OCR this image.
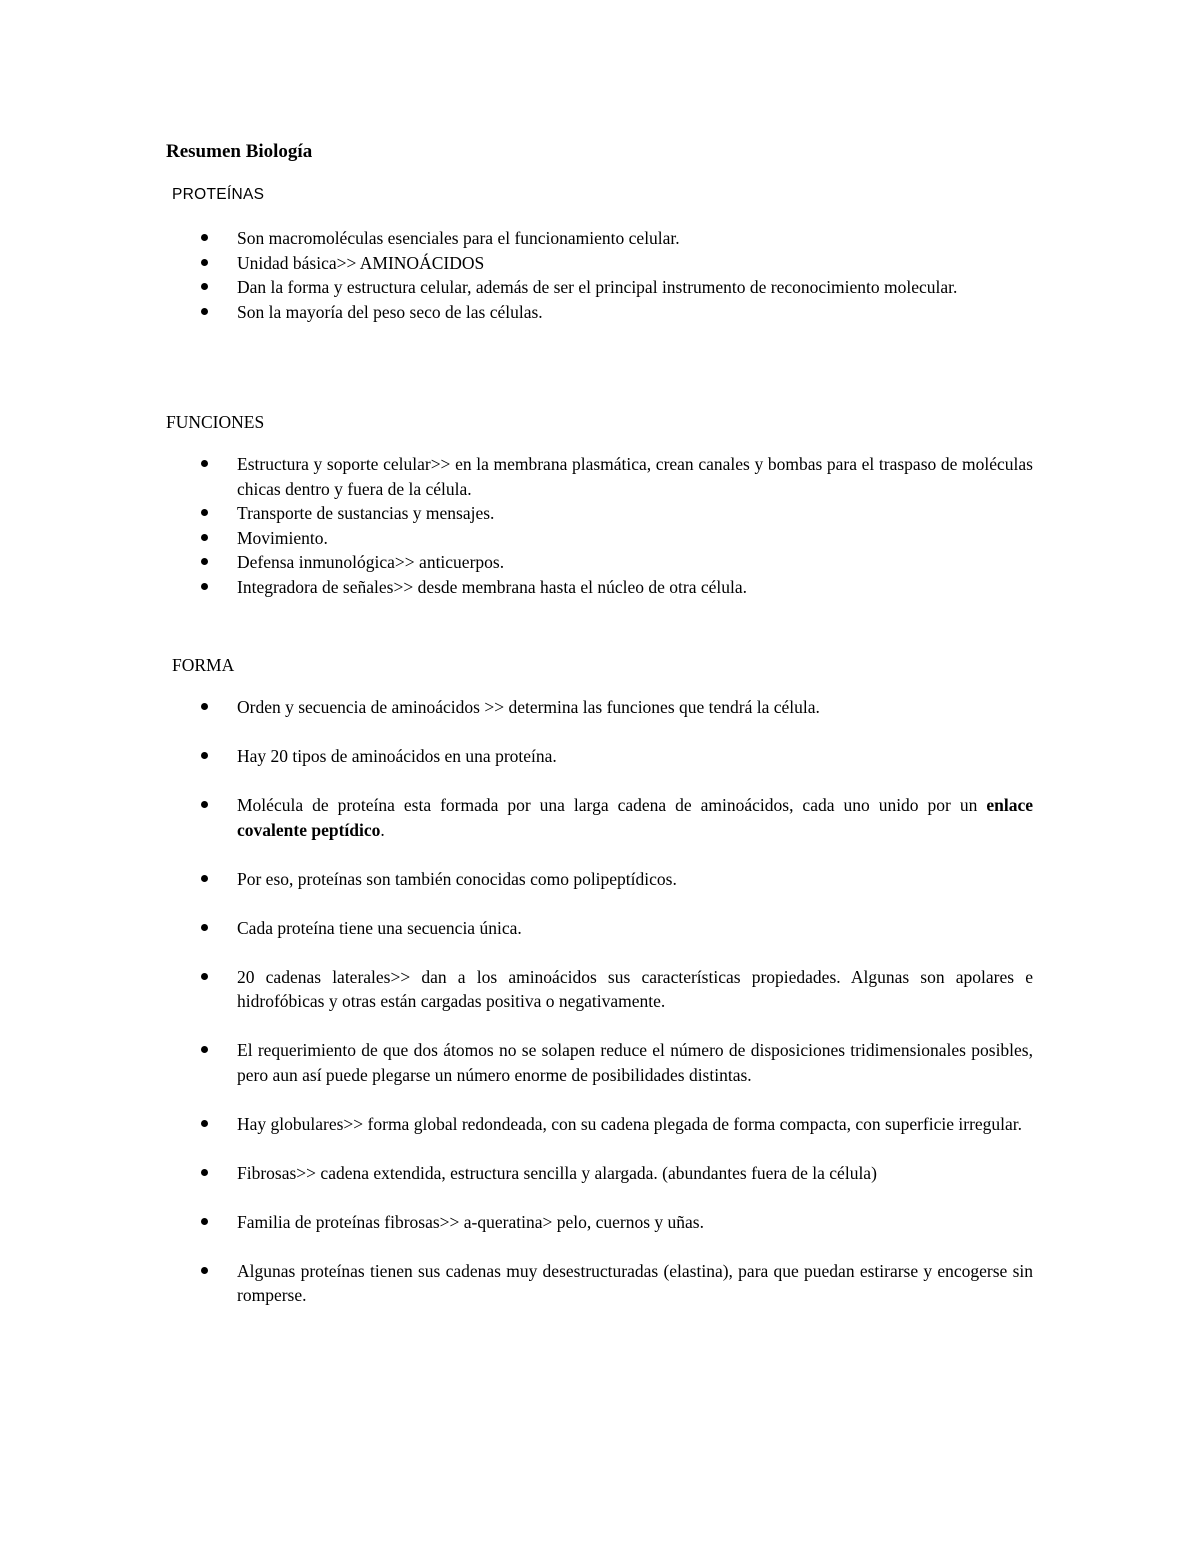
Resumen Biología
PROTEÍNAS
Son macromoléculas esenciales para el funcionamiento celular.
Unidad básica>> AMINOÁCIDOS
Dan la forma y estructura celular, además de ser el principal instrumento de reconocimiento molecular.
Son la mayoría del peso seco de las células.
FUNCIONES
Estructura y soporte celular>> en la membrana plasmática, crean canales y bombas para el traspaso de moléculas chicas dentro y fuera de la célula.
Transporte de sustancias y mensajes.
Movimiento.
Defensa inmunológica>> anticuerpos.
Integradora de señales>> desde membrana hasta el núcleo de otra célula.
FORMA
Orden y secuencia de aminoácidos >> determina las funciones que tendrá la célula.
Hay 20 tipos de aminoácidos en una proteína.
Molécula de proteína esta formada por una larga cadena de aminoácidos, cada uno unido por un enlace covalente peptídico.
Por eso, proteínas son también conocidas como polipeptídicos.
Cada proteína tiene una secuencia única.
20 cadenas laterales>> dan a los aminoácidos sus características propiedades. Algunas son apolares e hidrofóbicas y otras están cargadas positiva o negativamente.
El requerimiento de que dos átomos no se solapen reduce el número de disposiciones tridimensionales posibles, pero aun así puede plegarse un número enorme de posibilidades distintas.
Hay globulares>> forma global redondeada, con su cadena plegada de forma compacta, con superficie irregular.
Fibrosas>> cadena extendida, estructura sencilla y alargada. (abundantes fuera de la célula)
Familia de proteínas fibrosas>> a-queratina> pelo, cuernos y uñas.
Algunas proteínas tienen sus cadenas muy desestructuradas (elastina), para que puedan estirarse y encogerse sin romperse.
